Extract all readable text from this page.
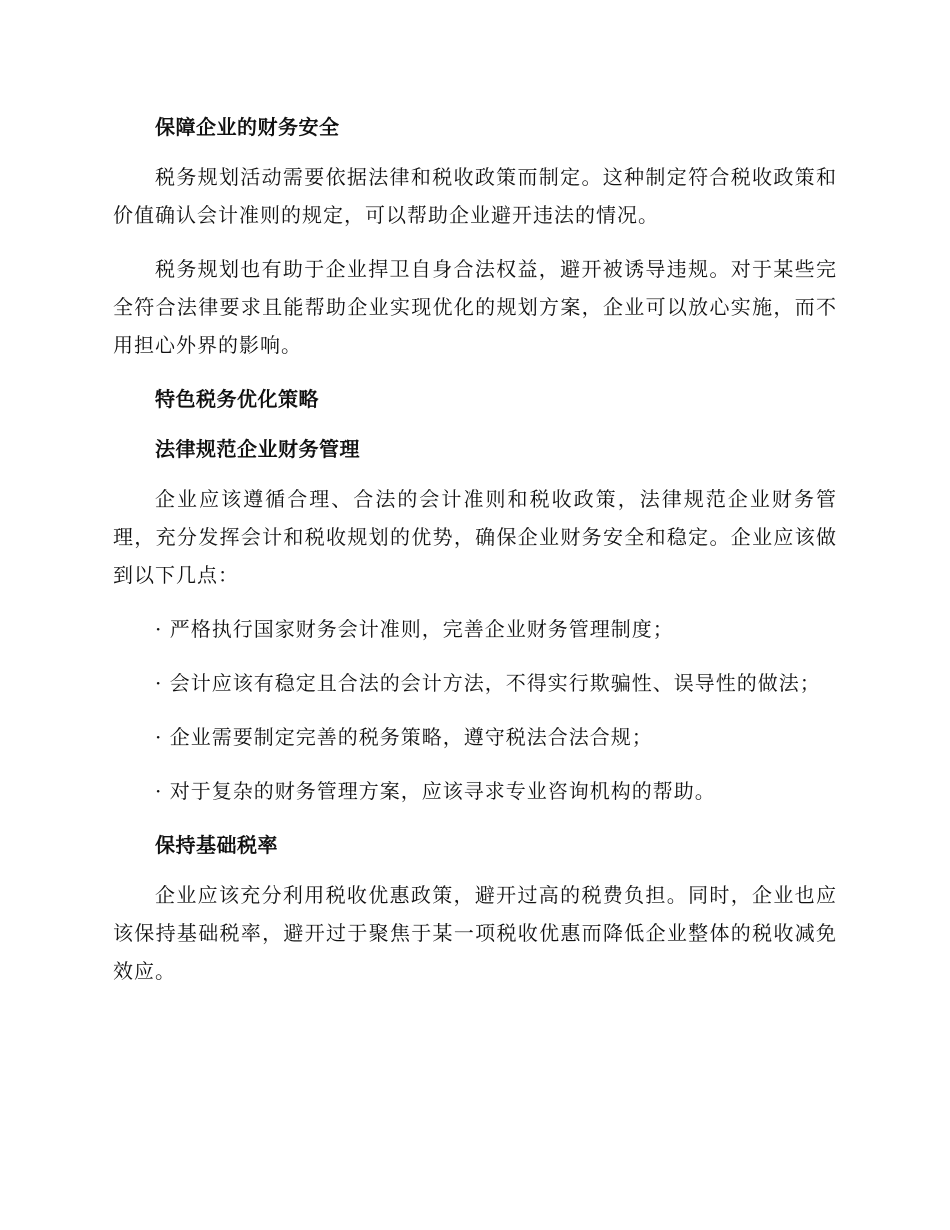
保障企业的财务安全

税务规划活动需要依据法律和税收政策而制定。这种制定符合税收政策和价值确认会计准则的规定，可以帮助企业避开违法的情况。

税务规划也有助于企业捍卫自身合法权益，避开被诱导违规。对于某些完全符合法律要求且能帮助企业实现优化的规划方案，企业可以放心实施，而不用担心外界的影响。

特色税务优化策略
法律规范企业财务管理

企业应该遵循合理、合法的会计准则和税收政策，法律规范企业财务管理，充分发挥会计和税收规划的优势，确保企业财务安全和稳定。企业应该做到以下几点：

· 严格执行国家财务会计准则，完善企业财务管理制度；

· 会计应该有稳定且合法的会计方法，不得实行欺骗性、误导性的做法；

· 企业需要制定完善的税务策略，遵守税法合法合规；

· 对于复杂的财务管理方案，应该寻求专业咨询机构的帮助。

保持基础税率

企业应该充分利用税收优惠政策，避开过高的税费负担。同时，企业也应该保持基础税率，避开过于聚焦于某一项税收优惠而降低企业整体的税收减免效应。
